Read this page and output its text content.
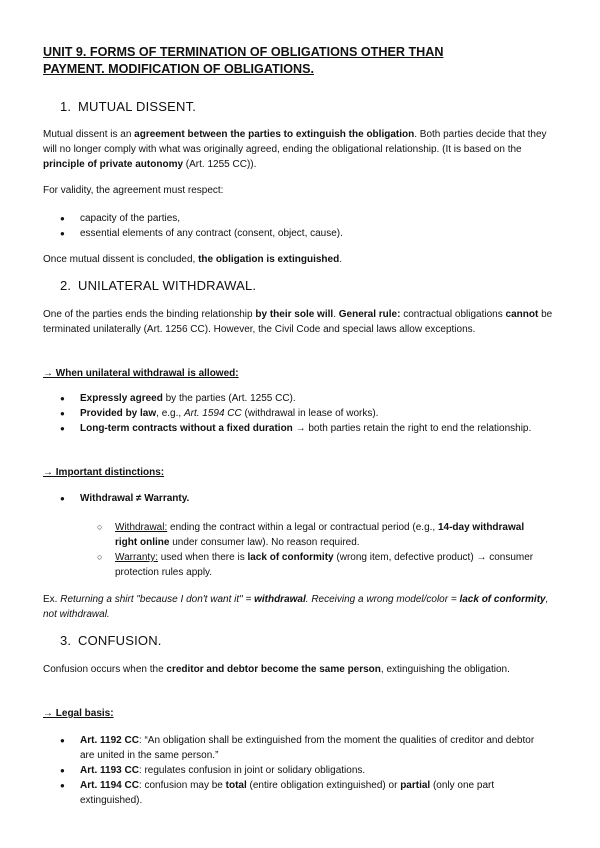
UNIT 9. FORMS OF TERMINATION OF OBLIGATIONS OTHER THAN
PAYMENT. MODIFICATION OF OBLIGATIONS.
1. MUTUAL DISSENT.

Mutual dissent is an agreement between the parties to extinguish the obligation. Both parties decide that they will no longer comply with what was originally agreed, ending the obligational relationship. (It is based on the principle of private autonomy (Art. 1255 CC)).

For validity, the agreement must respect:

● capacity of the parties,
● essential elements of any contract (consent, object, cause).

Once mutual dissent is concluded, the obligation is extinguished.

2. UNILATERAL WITHDRAWAL.

One of the parties ends the binding relationship by their sole will. General rule: contractual obligations cannot be terminated unilaterally (Art. 1256 CC). However, the Civil Code and special laws allow exceptions.

→ When unilateral withdrawal is allowed:

● Expressly agreed by the parties (Art. 1255 CC).
● Provided by law, e.g., Art. 1594 CC (withdrawal in lease of works).
● Long-term contracts without a fixed duration → both parties retain the right to end the relationship.

→ Important distinctions:

● Withdrawal ≠ Warranty.
○ Withdrawal: ending the contract within a legal or contractual period (e.g., 14-day withdrawal right online under consumer law). No reason required.
○ Warranty: used when there is lack of conformity (wrong item, defective product) → consumer protection rules apply.

Ex. Returning a shirt "because I don't want it" = withdrawal. Receiving a wrong model/color = lack of conformity, not withdrawal.

3. CONFUSION.

Confusion occurs when the creditor and debtor become the same person, extinguishing the obligation.

→ Legal basis:

● Art. 1192 CC: “An obligation shall be extinguished from the moment the qualities of creditor and debtor are united in the same person.”
● Art. 1193 CC: regulates confusion in joint or solidary obligations.
● Art. 1194 CC: confusion may be total (entire obligation extinguished) or partial (only one part extinguished).
